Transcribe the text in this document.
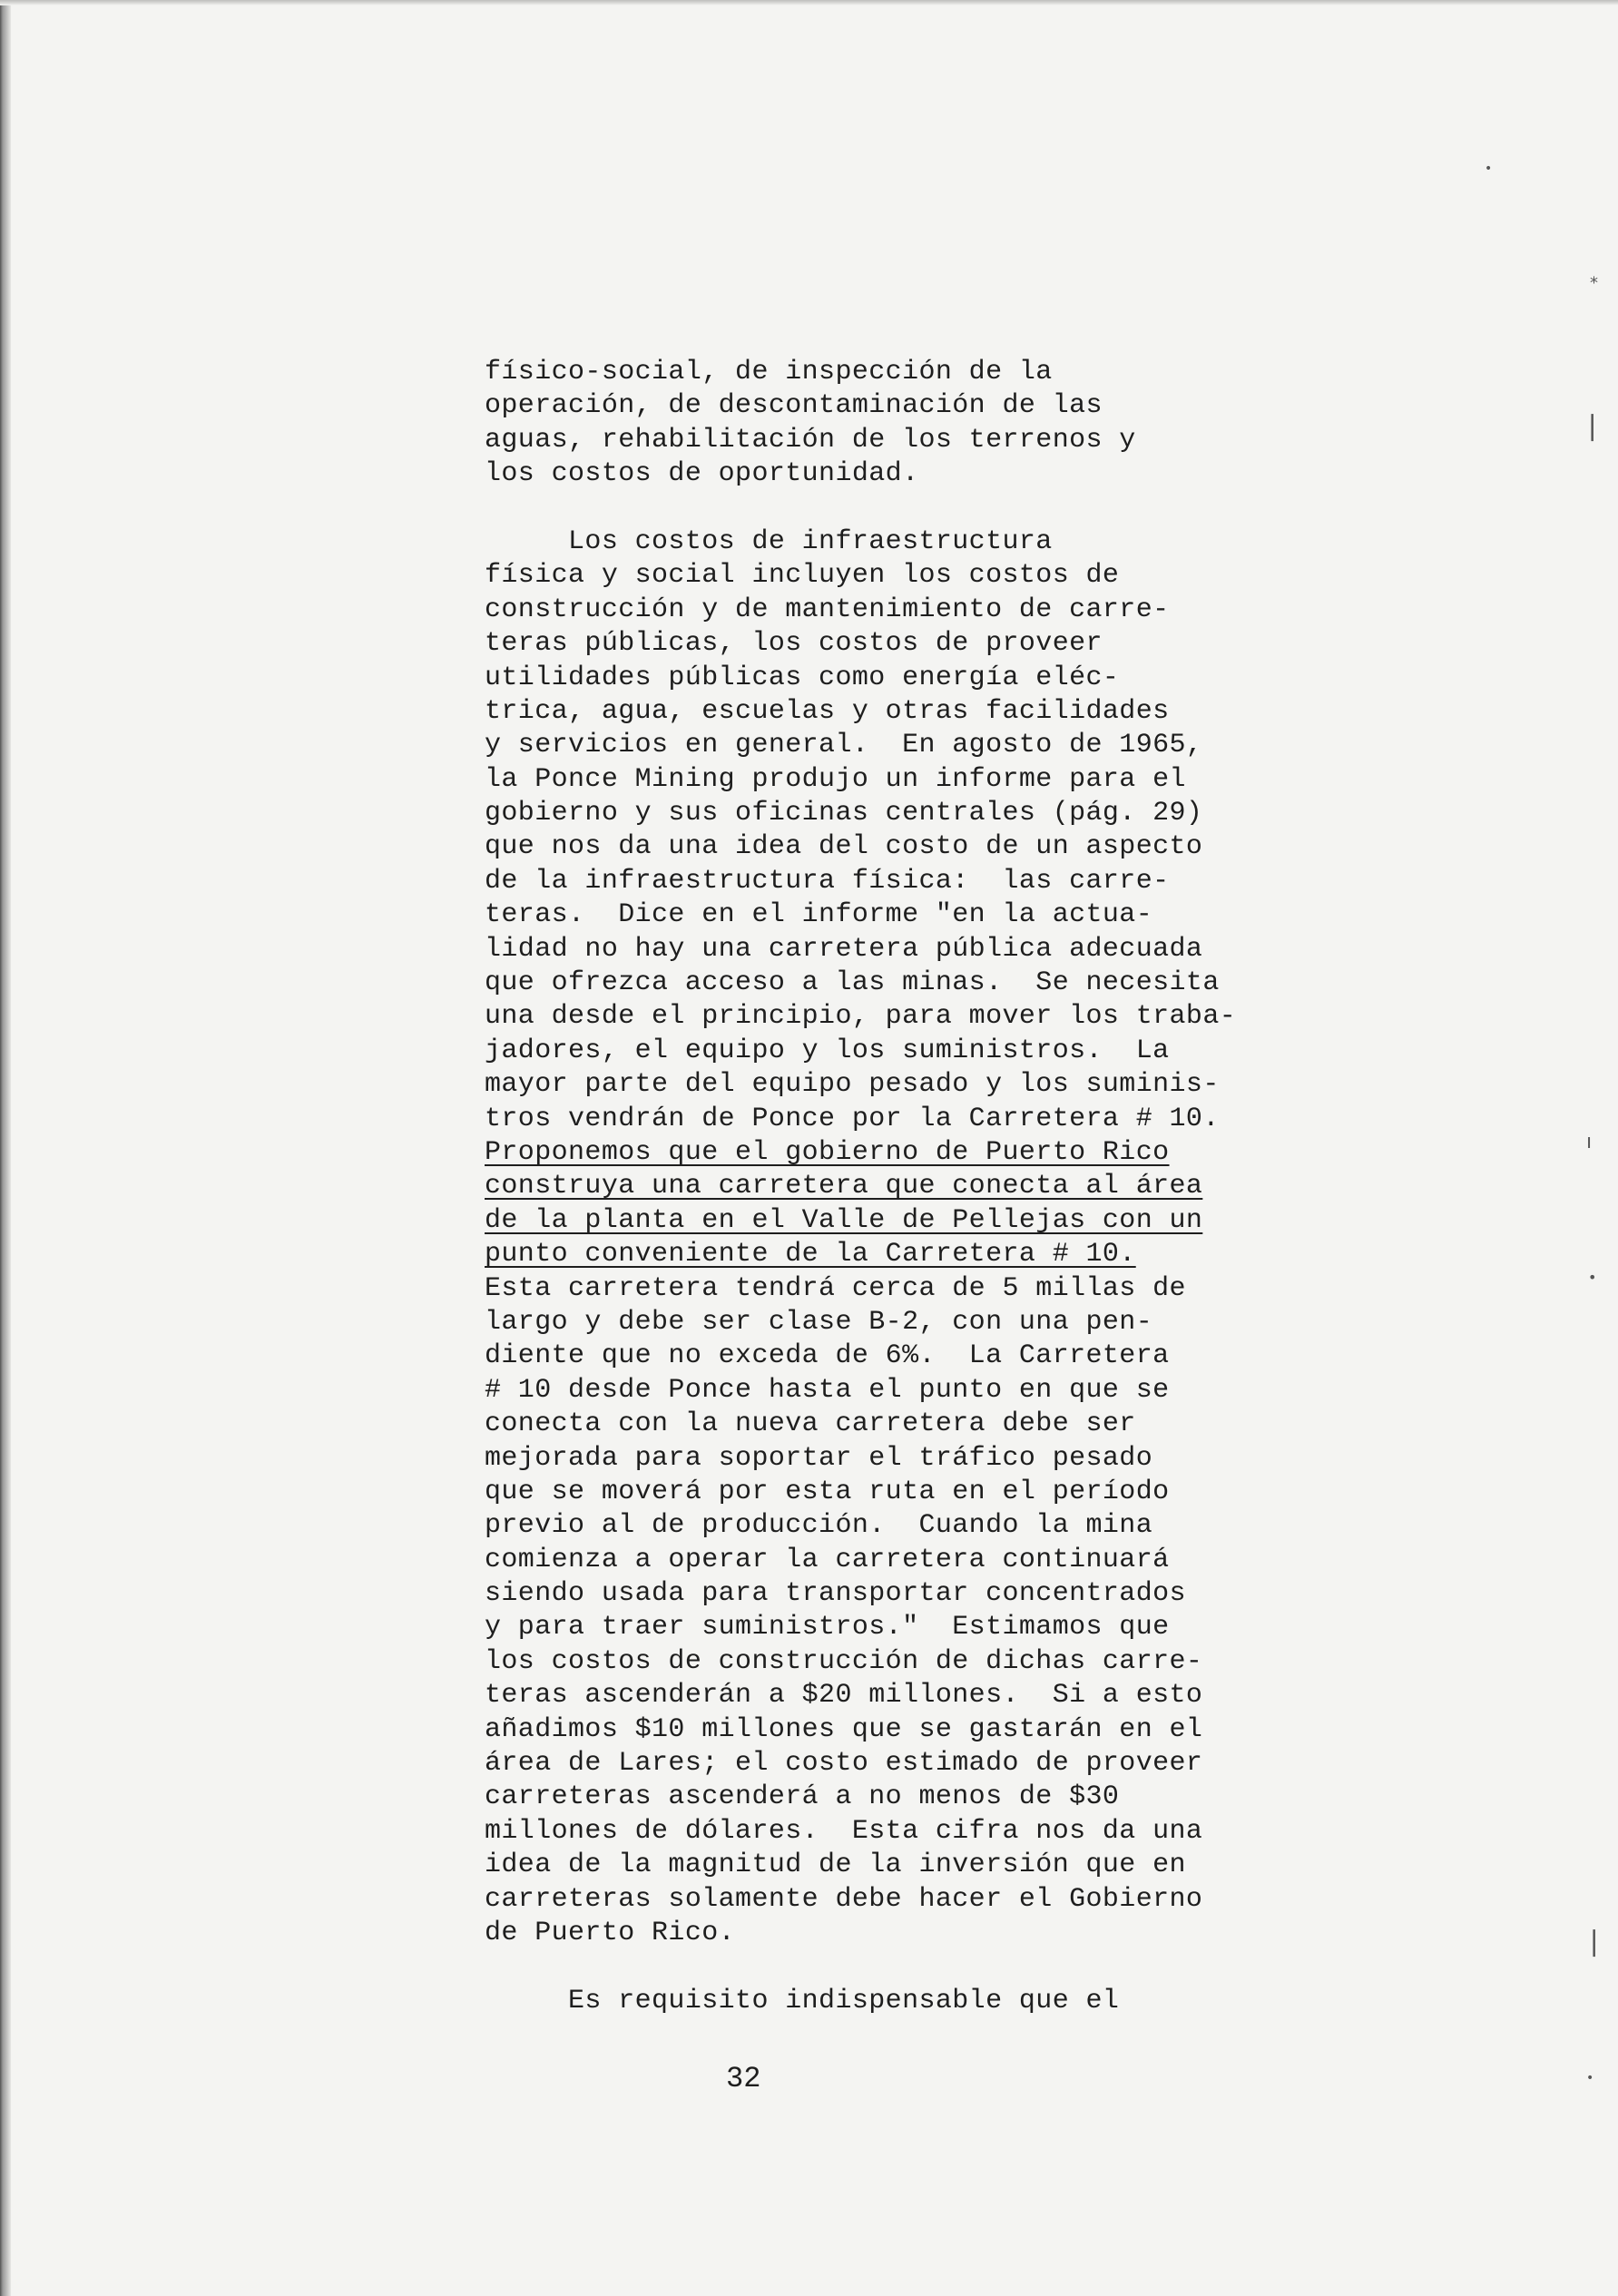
físico-social, de inspección de la
operación, de descontaminación de las
aguas, rehabilitación de los terrenos y
los costos de oportunidad.
Los costos de infraestructura
física y social incluyen los costos de
construcción y de mantenimiento de carre-
teras públicas, los costos de proveer
utilidades públicas como energía eléc-
trica, agua, escuelas y otras facilidades
y servicios en general.  En agosto de 1965,
la Ponce Mining produjo un informe para el
gobierno y sus oficinas centrales (pág. 29)
que nos da una idea del costo de un aspecto
de la infraestructura física:  las carre-
teras.  Dice en el informe "en la actua-
lidad no hay una carretera pública adecuada
que ofrezca acceso a las minas.  Se necesita
una desde el principio, para mover los traba-
jadores, el equipo y los suministros.  La
mayor parte del equipo pesado y los suminis-
tros vendrán de Ponce por la Carretera # 10.
Proponemos que el gobierno de Puerto Rico
construya una carretera que conecta al área
de la planta en el Valle de Pellejas con un
punto conveniente de la Carretera # 10.
Esta carretera tendrá cerca de 5 millas de
largo y debe ser clase B-2, con una pen-
diente que no exceda de 6%.  La Carretera
# 10 desde Ponce hasta el punto en que se
conecta con la nueva carretera debe ser
mejorada para soportar el tráfico pesado
que se moverá por esta ruta en el período
previo al de producción.  Cuando la mina
comienza a operar la carretera continuará
siendo usada para transportar concentrados
y para traer suministros."  Estimamos que
los costos de construcción de dichas carre-
teras ascenderán a $20 millones.  Si a esto
añadimos $10 millones que se gastarán en el
área de Lares; el costo estimado de proveer
carreteras ascenderá a no menos de $30
millones de dólares.  Esta cifra nos da una
idea de la magnitud de la inversión que en
carreteras solamente debe hacer el Gobierno
de Puerto Rico.
Es requisito indispensable que el
32
•
⁎
❘
ı
•
❘
•
